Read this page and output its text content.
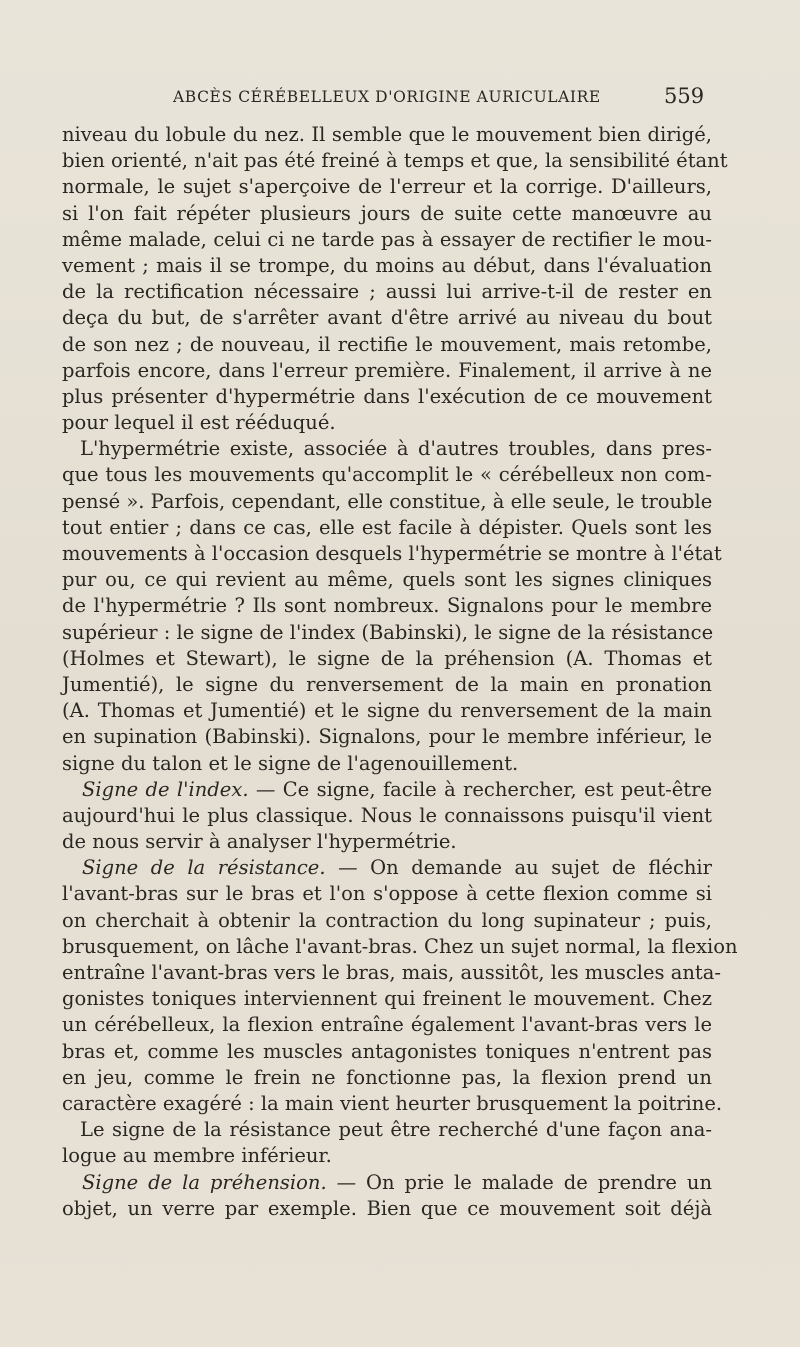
ABCÈS CÉRÉBELLEUX D'ORIGINE AURICULAIRE	559
niveau du lobule du nez. Il semble que le mouvement bien dirigé,
bien orienté, n'ait pas été freiné à temps et que, la sensibilité étant
normale, le sujet s'aperçoive de l'erreur et la corrige. D'ailleurs,
si l'on fait répéter plusieurs jours de suite cette manœuvre au
même malade, celui ci ne tarde pas à essayer de rectifier le mou-
vement ; mais il se trompe, du moins au début, dans l'évaluation
de la rectification nécessaire ; aussi lui arrive-t-il de rester en
deça du but, de s'arrêter avant d'être arrivé au niveau du bout
de son nez ; de nouveau, il rectifie le mouvement, mais retombe,
parfois encore, dans l'erreur première. Finalement, il arrive à ne
plus présenter d'hypermétrie dans l'exécution de ce mouvement
pour lequel il est rééduqué.
L'hypermétrie existe, associée à d'autres troubles, dans pres-
que tous les mouvements qu'accomplit le « cérébelleux non com-
pensé ». Parfois, cependant, elle constitue, à elle seule, le trouble
tout entier ; dans ce cas, elle est facile à dépister. Quels sont les
mouvements à l'occasion desquels l'hypermétrie se montre à l'état
pur ou, ce qui revient au même, quels sont les signes cliniques
de l'hypermétrie ? Ils sont nombreux. Signalons pour le membre
supérieur : le signe de l'index (Babinski), le signe de la résistance
(Holmes et Stewart), le signe de la préhension (A. Thomas et
Jumentié), le signe du renversement de la main en pronation
(A. Thomas et Jumentié) et le signe du renversement de la main
en supination (Babinski). Signalons, pour le membre inférieur, le
signe du talon et le signe de l'agenouillement.
Signe de l'index. — Ce signe, facile à rechercher, est peut-être
aujourd'hui le plus classique. Nous le connaissons puisqu'il vient
de nous servir à analyser l'hypermétrie.
Signe de la résistance. — On demande au sujet de fléchir
l'avant-bras sur le bras et l'on s'oppose à cette flexion comme si
on cherchait à obtenir la contraction du long supinateur ; puis,
brusquement, on lâche l'avant-bras. Chez un sujet normal, la flexion
entraîne l'avant-bras vers le bras, mais, aussitôt, les muscles anta-
gonistes toniques interviennent qui freinent le mouvement. Chez
un cérébelleux, la flexion entraîne également l'avant-bras vers le
bras et, comme les muscles antagonistes toniques n'entrent pas
en jeu, comme le frein ne fonctionne pas, la flexion prend un
caractère exagéré : la main vient heurter brusquement la poitrine.
Le signe de la résistance peut être recherché d'une façon ana-
logue au membre inférieur.
Signe de la préhension. — On prie le malade de prendre un
objet, un verre par exemple. Bien que ce mouvement soit déjà
